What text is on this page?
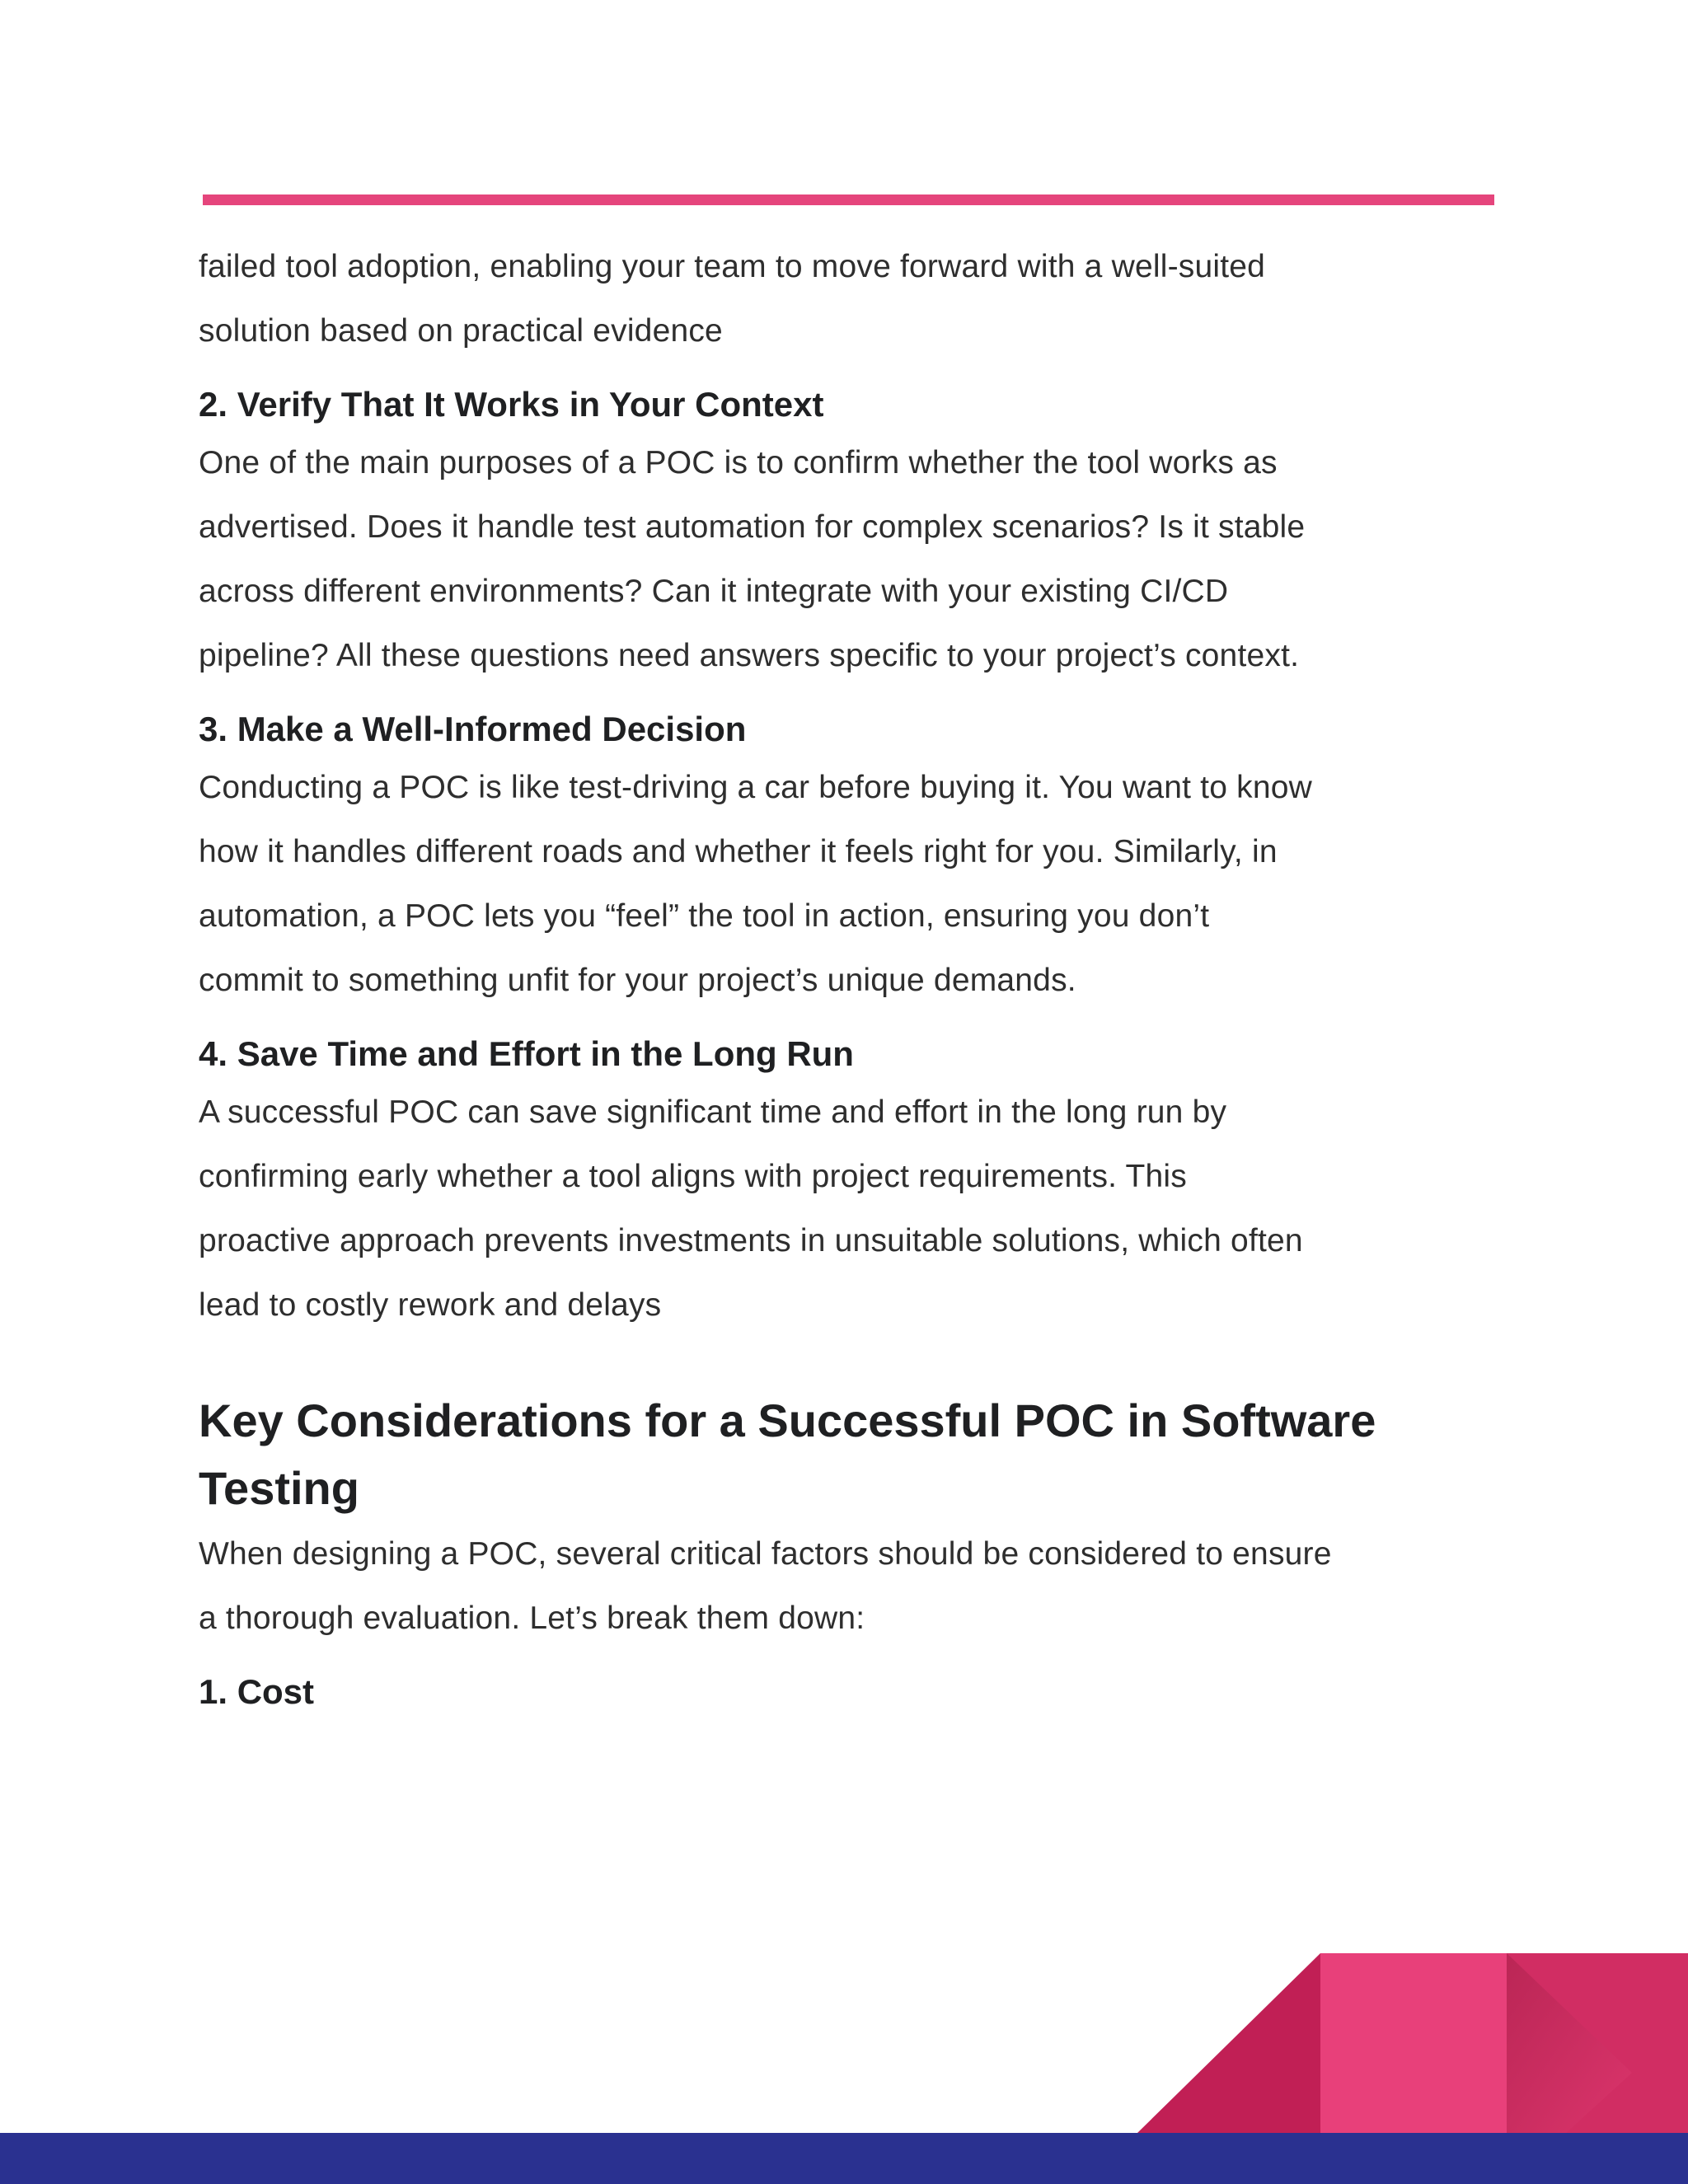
failed tool adoption, enabling your team to move forward with a well-suited

solution based on practical evidence

2. Verify That It Works in Your Context

One of the main purposes of a POC is to confirm whether the tool works as

advertised. Does it handle test automation for complex scenarios? Is it stable

across different environments? Can it integrate with your existing CI/CD

pipeline? All these questions need answers specific to your project’s context.

3. Make a Well-Informed Decision

Conducting a POC is like test-driving a car before buying it. You want to know

how it handles different roads and whether it feels right for you. Similarly, in

automation, a POC lets you “feel” the tool in action, ensuring you don’t

commit to something unfit for your project’s unique demands.

4. Save Time and Effort in the Long Run

A successful POC can save significant time and effort in the long run by

confirming early whether a tool aligns with project requirements. This

proactive approach prevents investments in unsuitable solutions, which often

lead to costly rework and delays

Key Considerations for a Successful POC in Software
Testing

When designing a POC, several critical factors should be considered to ensure

a thorough evaluation. Let’s break them down:

1. Cost
